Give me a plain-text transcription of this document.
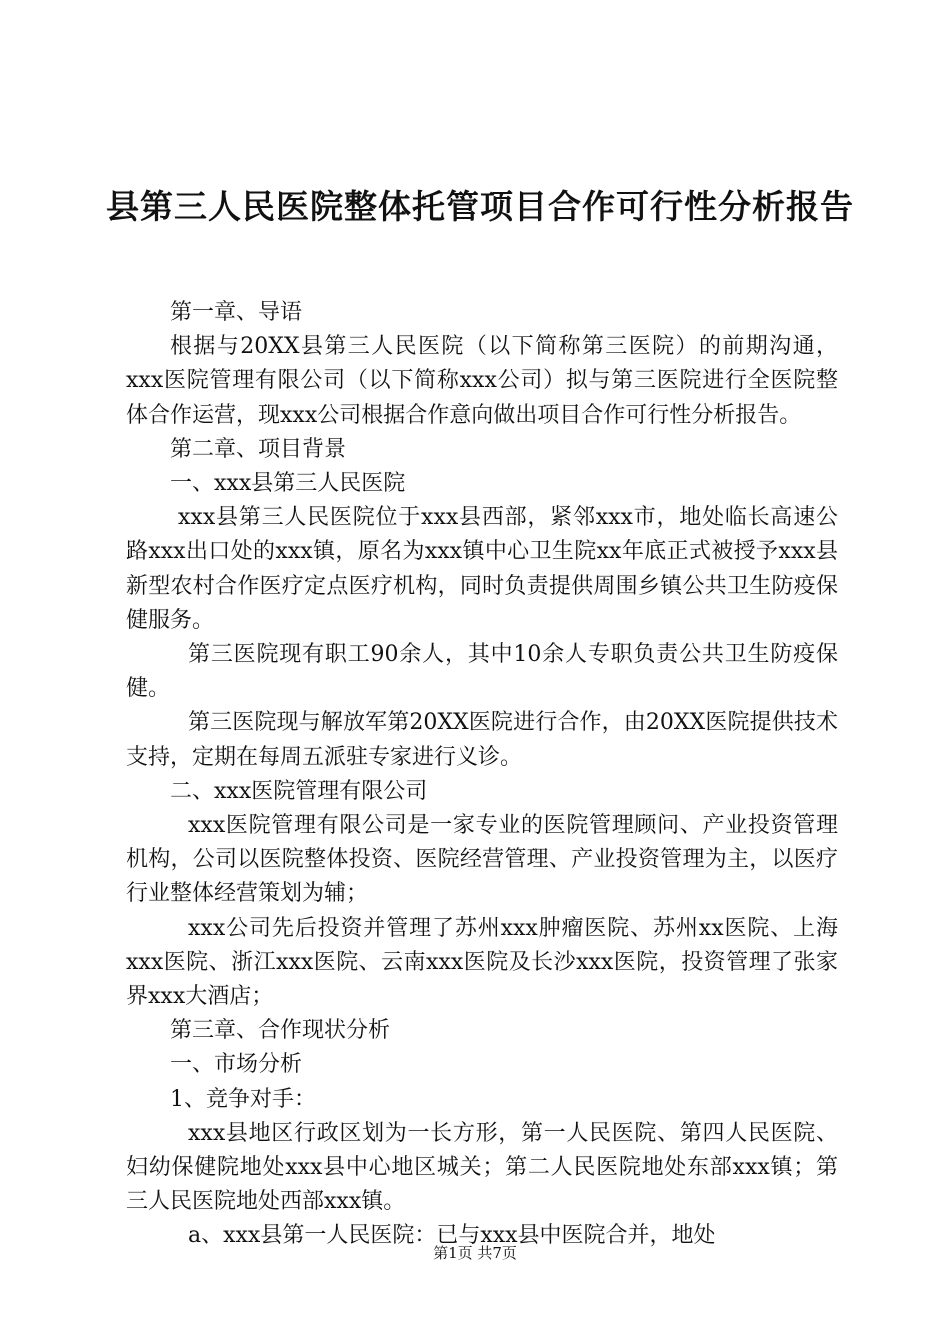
县第三人民医院整体托管项目合作可行性分析报告

第一章、导语

根据与20XX县第三人民医院（以下简称第三医院）的前期沟通，xxx医院管理有限公司（以下简称xxx公司）拟与第三医院进行全医院整体合作运营，现xxx公司根据合作意向做出项目合作可行性分析报告。

第二章、项目背景

一、xxx县第三人民医院

xxx县第三人民医院位于xxx县西部，紧邻xxx市，地处临长高速公路xxx出口处的xxx镇，原名为xxx镇中心卫生院xx年底正式被授予xxx县新型农村合作医疗定点医疗机构，同时负责提供周围乡镇公共卫生防疫保健服务。

第三医院现有职工90余人，其中10余人专职负责公共卫生防疫保健。

第三医院现与解放军第20XX医院进行合作，由20XX医院提供技术支持，定期在每周五派驻专家进行义诊。

二、xxx医院管理有限公司

xxx医院管理有限公司是一家专业的医院管理顾问、产业投资管理机构，公司以医院整体投资、医院经营管理、产业投资管理为主，以医疗行业整体经营策划为辅；

xxx公司先后投资并管理了苏州xxx肿瘤医院、苏州xx医院、上海xxx医院、浙江xxx医院、云南xxx医院及长沙xxx医院，投资管理了张家界xxx大酒店；

第三章、合作现状分析

一、市场分析

1、竞争对手：

xxx县地区行政区划为一长方形，第一人民医院、第四人民医院、妇幼保健院地处xxx县中心地区城关；第二人民医院地处东部xxx镇；第三人民医院地处西部xxx镇。

a、xxx县第一人民医院：已与xxx县中医院合并，地处

第1页 共7页
